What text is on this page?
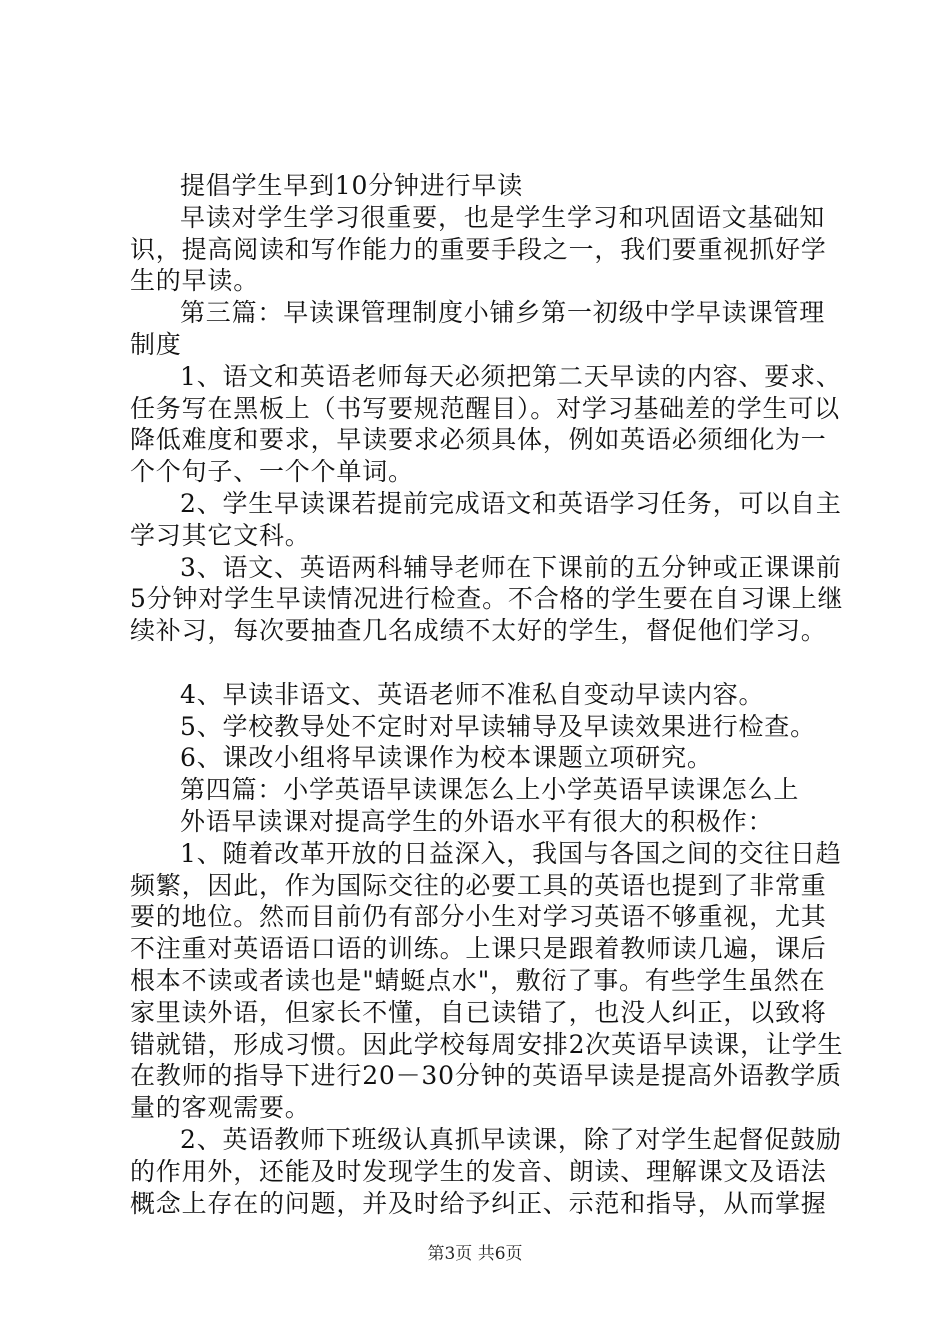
提倡学生早到10分钟进行早读

早读对学生学习很重要，也是学生学习和巩固语文基础知识，提高阅读和写作能力的重要手段之一，我们要重视抓好学生的早读。

第三篇：早读课管理制度小铺乡第一初级中学早读课管理制度

1、语文和英语老师每天必须把第二天早读的内容、要求、任务写在黑板上（书写要规范醒目）。对学习基础差的学生可以降低难度和要求，早读要求必须具体，例如英语必须细化为一个个句子、一个个单词。

2、学生早读课若提前完成语文和英语学习任务，可以自主学习其它文科。

3、语文、英语两科辅导老师在下课前的五分钟或正课课前5分钟对学生早读情况进行检查。不合格的学生要在自习课上继续补习，每次要抽查几名成绩不太好的学生，督促他们学习。

4、早读非语文、英语老师不准私自变动早读内容。

5、学校教导处不定时对早读辅导及早读效果进行检查。

6、课改小组将早读课作为校本课题立项研究。

第四篇：小学英语早读课怎么上小学英语早读课怎么上

外语早读课对提高学生的外语水平有很大的积极作：

1、随着改革开放的日益深入，我国与各国之间的交往日趋频繁，因此，作为国际交往的必要工具的英语也提到了非常重要的地位。然而目前仍有部分小生对学习英语不够重视，尤其不注重对英语语口语的训练。上课只是跟着教师读几遍，课后根本不读或者读也是"蜻蜓点水"，敷衍了事。有些学生虽然在家里读外语，但家长不懂，自已读错了，也没人纠正，以致将错就错，形成习惯。因此学校每周安排2次英语早读课，让学生在教师的指导下进行20－30分钟的英语早读是提高外语教学质量的客观需要。

2、英语教师下班级认真抓早读课，除了对学生起督促鼓励的作用外，还能及时发现学生的发音、朗读、理解课文及语法概念上存在的问题，并及时给予纠正、示范和指导，从而掌握

第3页 共6页
